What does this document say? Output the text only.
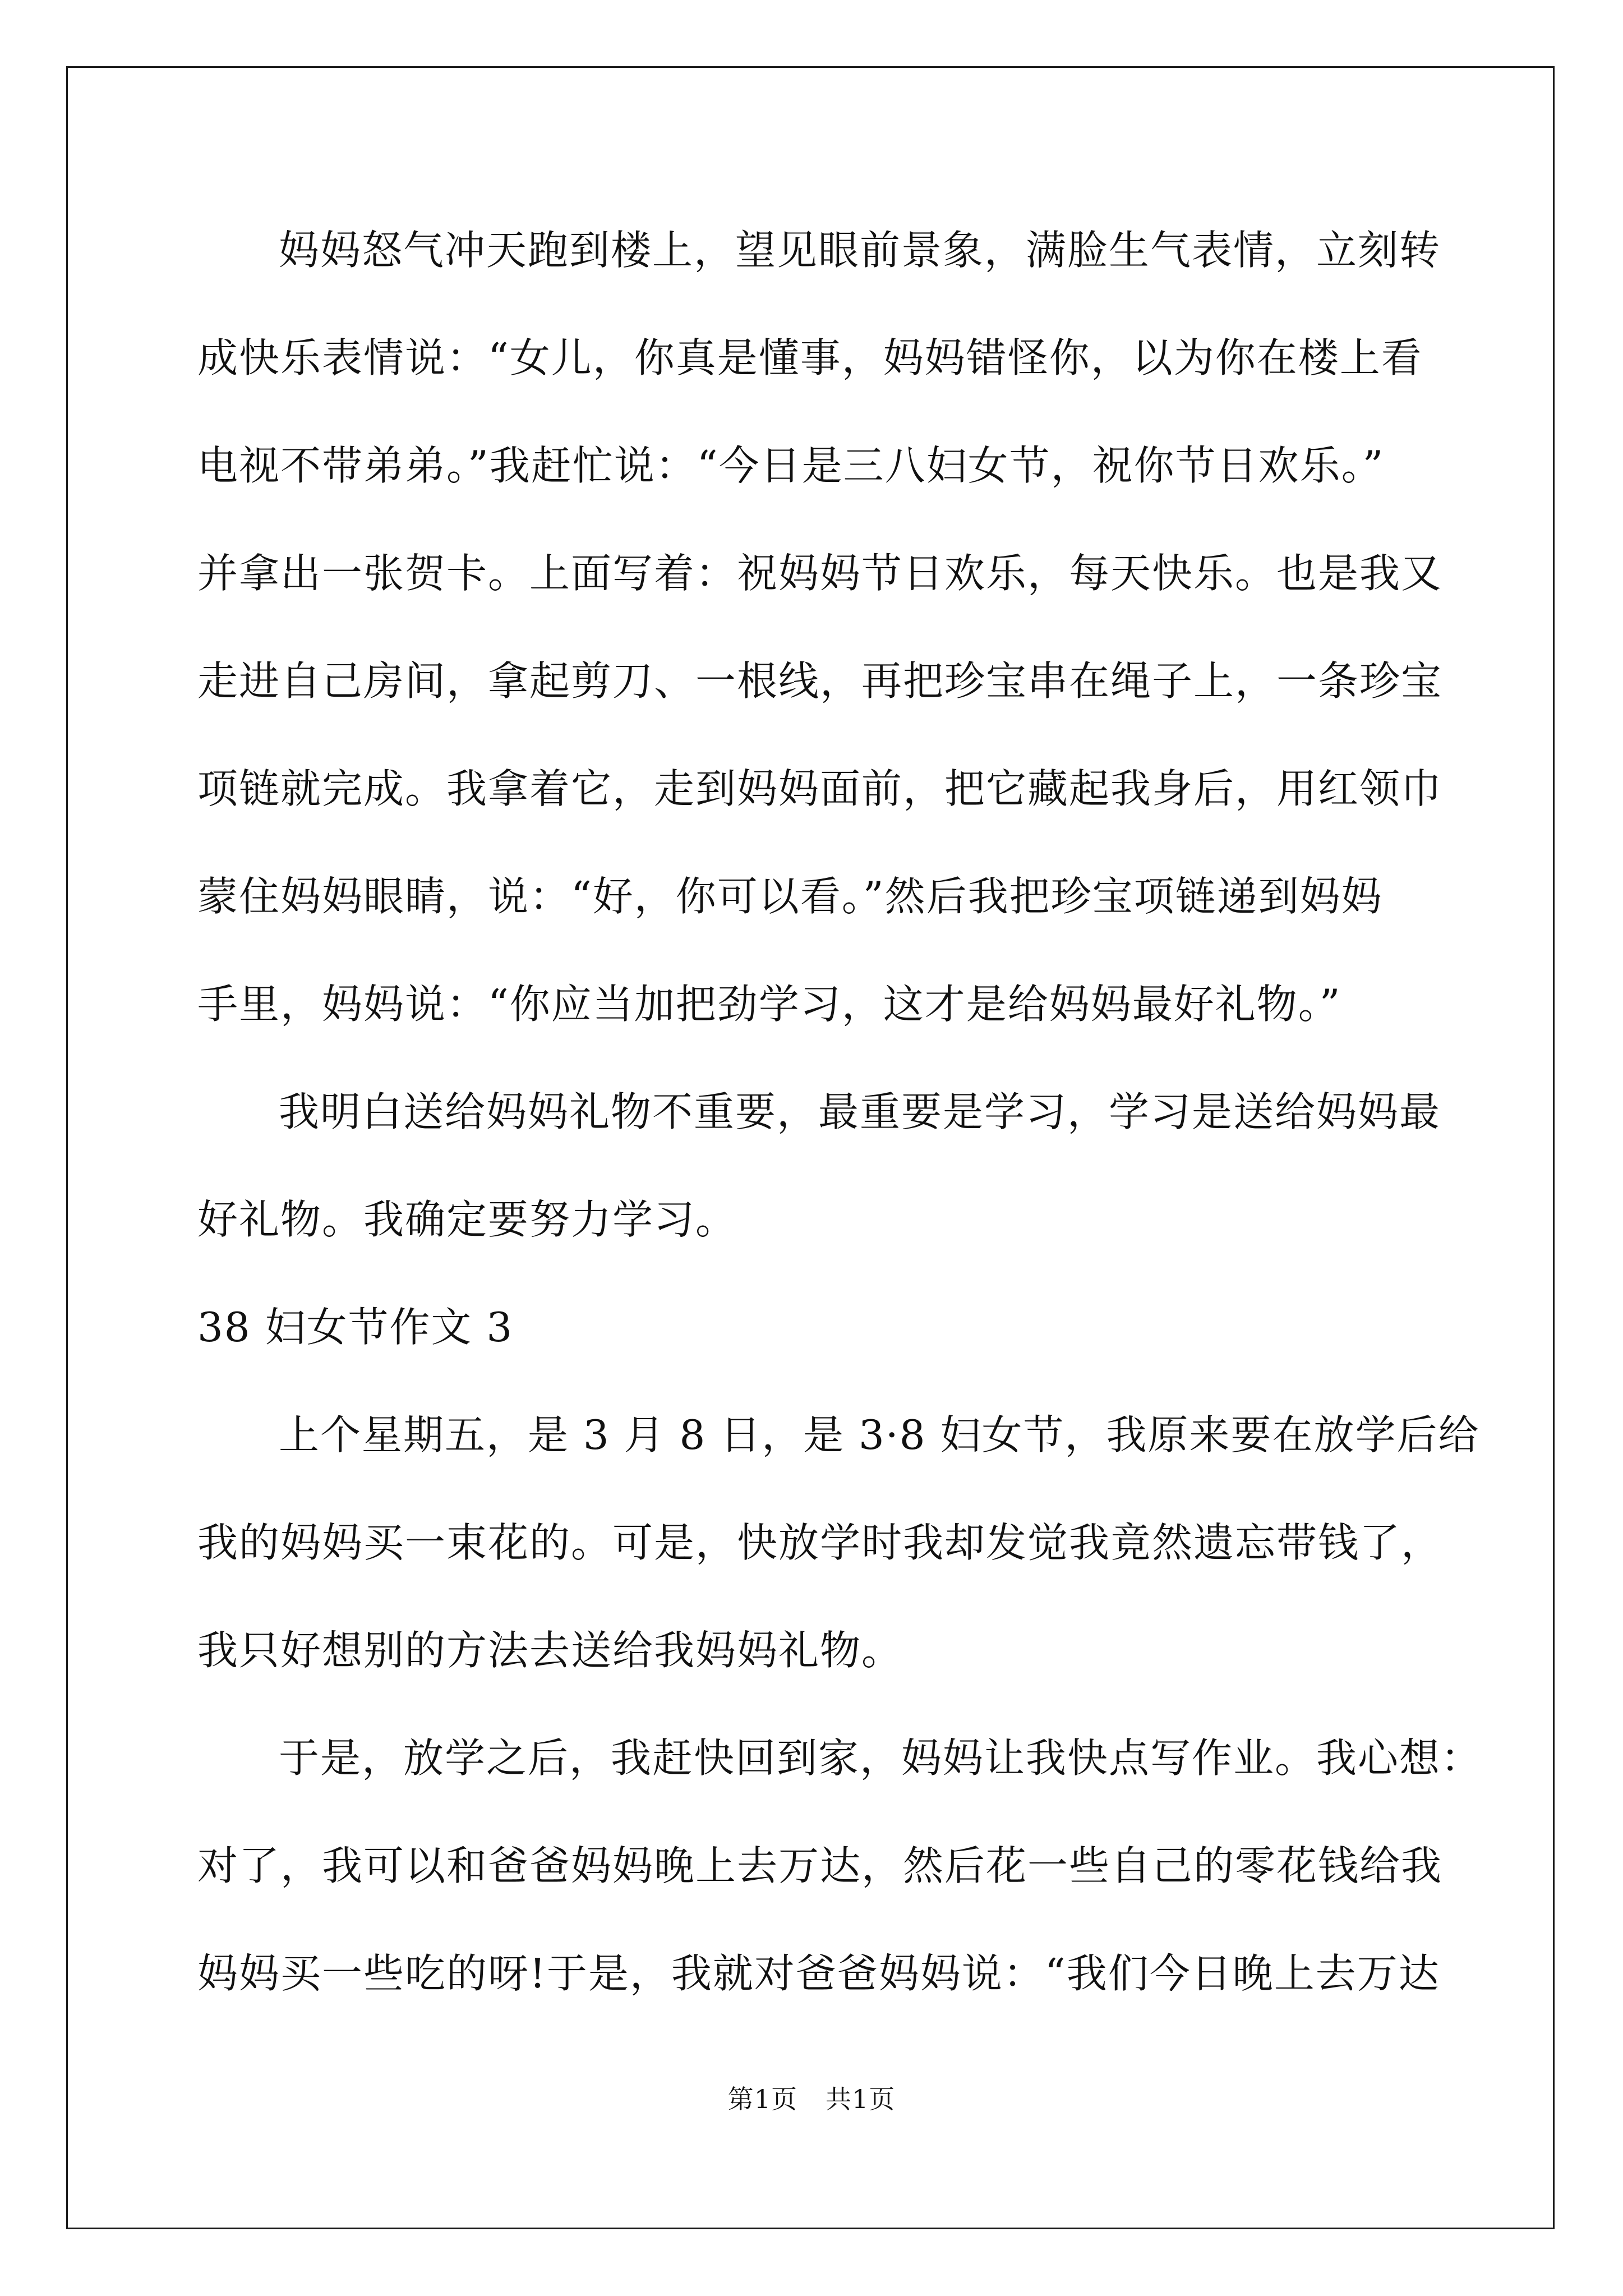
妈妈怒气冲天跑到楼上，望见眼前景象，满脸生气表情，立刻转
成快乐表情说：“女儿，你真是懂事，妈妈错怪你，以为你在楼上看
电视不带弟弟。”我赶忙说：“今日是三八妇女节，祝你节日欢乐。”
并拿出一张贺卡。上面写着：祝妈妈节日欢乐，每天快乐。也是我又
走进自己房间，拿起剪刀、一根线，再把珍宝串在绳子上，一条珍宝
项链就完成。我拿着它，走到妈妈面前，把它藏起我身后，用红领巾
蒙住妈妈眼睛，说：“好，你可以看。”然后我把珍宝项链递到妈妈
手里，妈妈说：“你应当加把劲学习，这才是给妈妈最好礼物。”
我明白送给妈妈礼物不重要，最重要是学习，学习是送给妈妈最
好礼物。我确定要努力学习。
38 妇女节作文 3
上个星期五，是 3 月 8 日，是 3·8 妇女节，我原来要在放学后给
我的妈妈买一束花的。可是，快放学时我却发觉我竟然遗忘带钱了，
我只好想别的方法去送给我妈妈礼物。
于是，放学之后，我赶快回到家，妈妈让我快点写作业。我心想：
对了，我可以和爸爸妈妈晚上去万达，然后花一些自己的零花钱给我
妈妈买一些吃的呀!于是，我就对爸爸妈妈说：“我们今日晚上去万达
第1页 共1页
